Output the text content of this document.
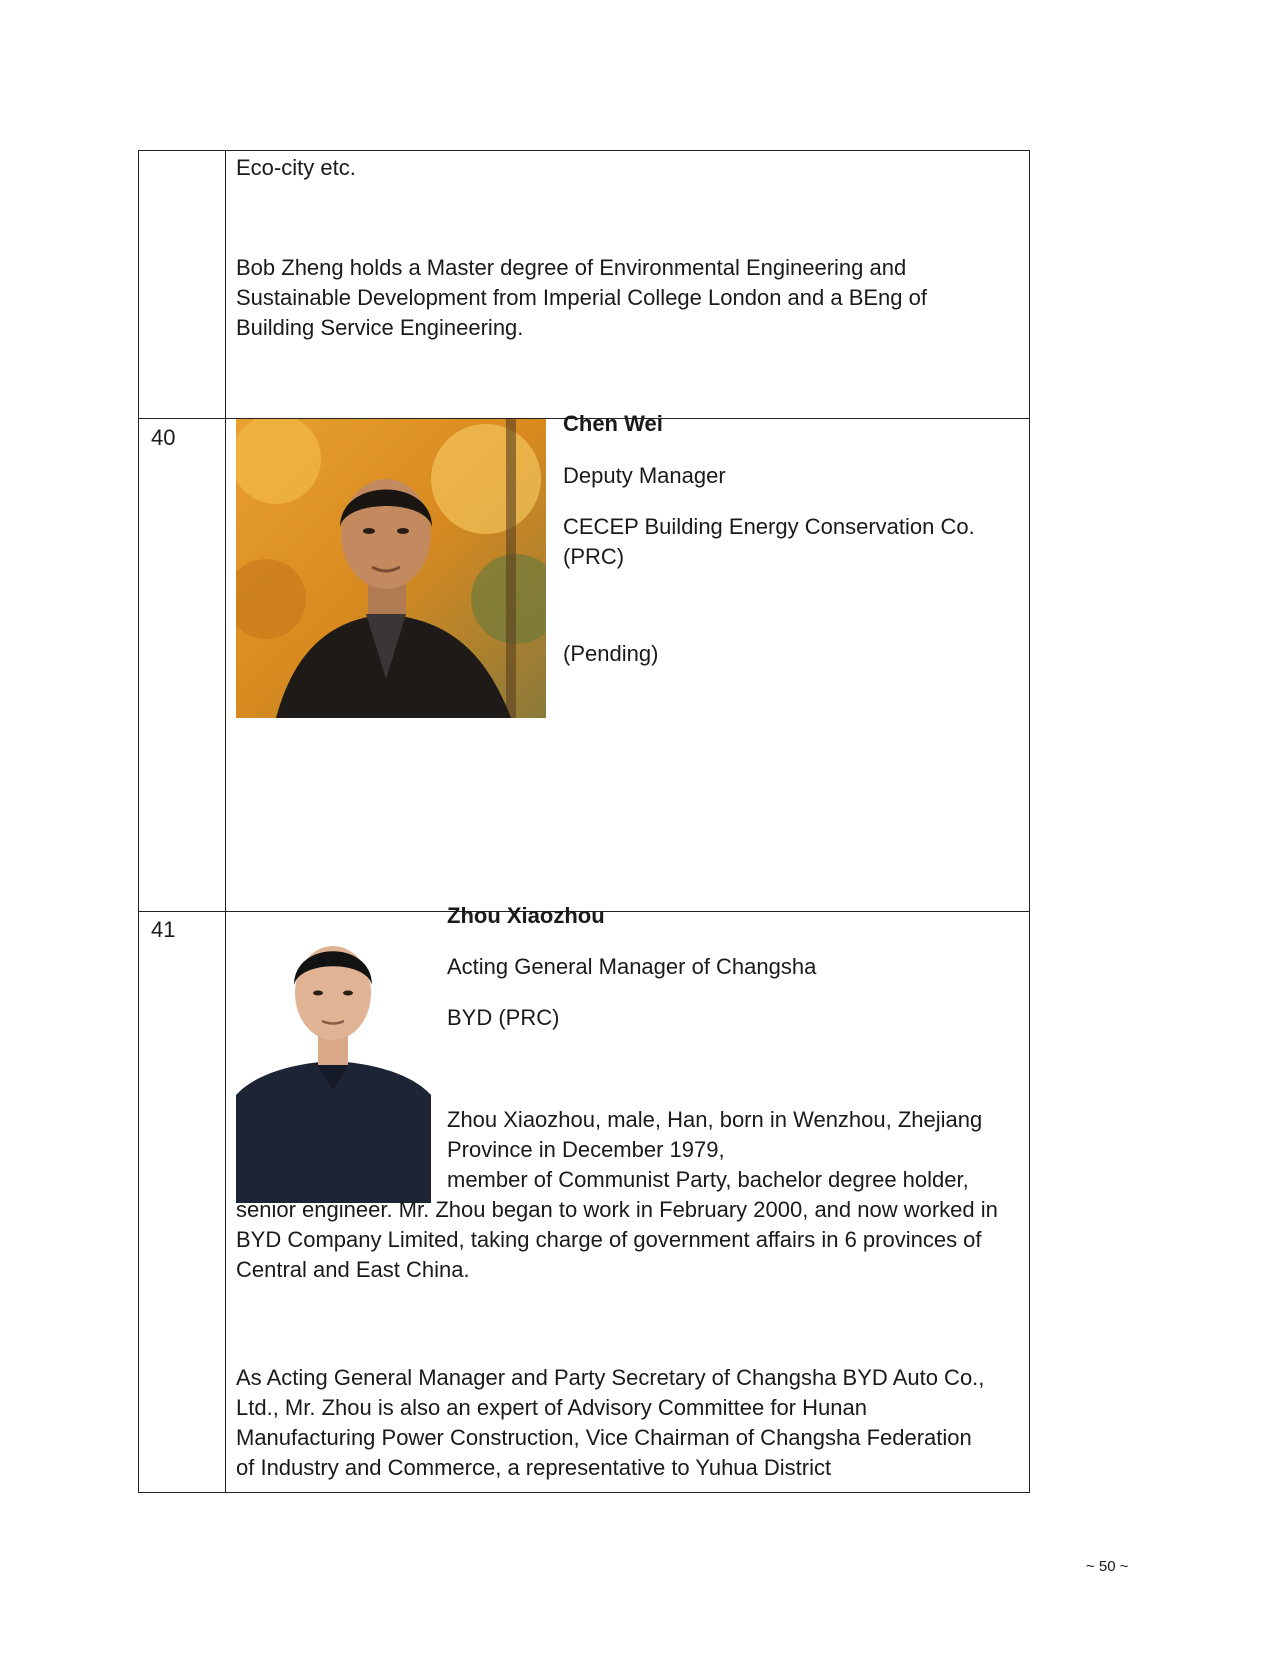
Eco-city etc.

Bob Zheng holds a Master degree of Environmental Engineering and Sustainable Development from Imperial College London and a BEng of Building Service Engineering.

40

Chen Wei

Deputy Manager

CECEP Building Energy Conservation Co. (PRC)

(Pending)

41

Zhou Xiaozhou

Acting General Manager of Changsha

BYD (PRC)

Zhou Xiaozhou, male, Han, born in Wenzhou, Zhejiang

Province in December 1979,

member of Communist Party, bachelor degree holder,

senior engineer. Mr. Zhou began to work in February 2000, and now worked in BYD Company Limited, taking charge of government affairs in 6 provinces of Central and East China.

As Acting General Manager and Party Secretary of Changsha BYD Auto Co., Ltd., Mr. Zhou is also an expert of Advisory Committee for Hunan Manufacturing Power Construction, Vice Chairman of Changsha Federation of Industry and Commerce, a representative to Yuhua District

~ 50 ~
